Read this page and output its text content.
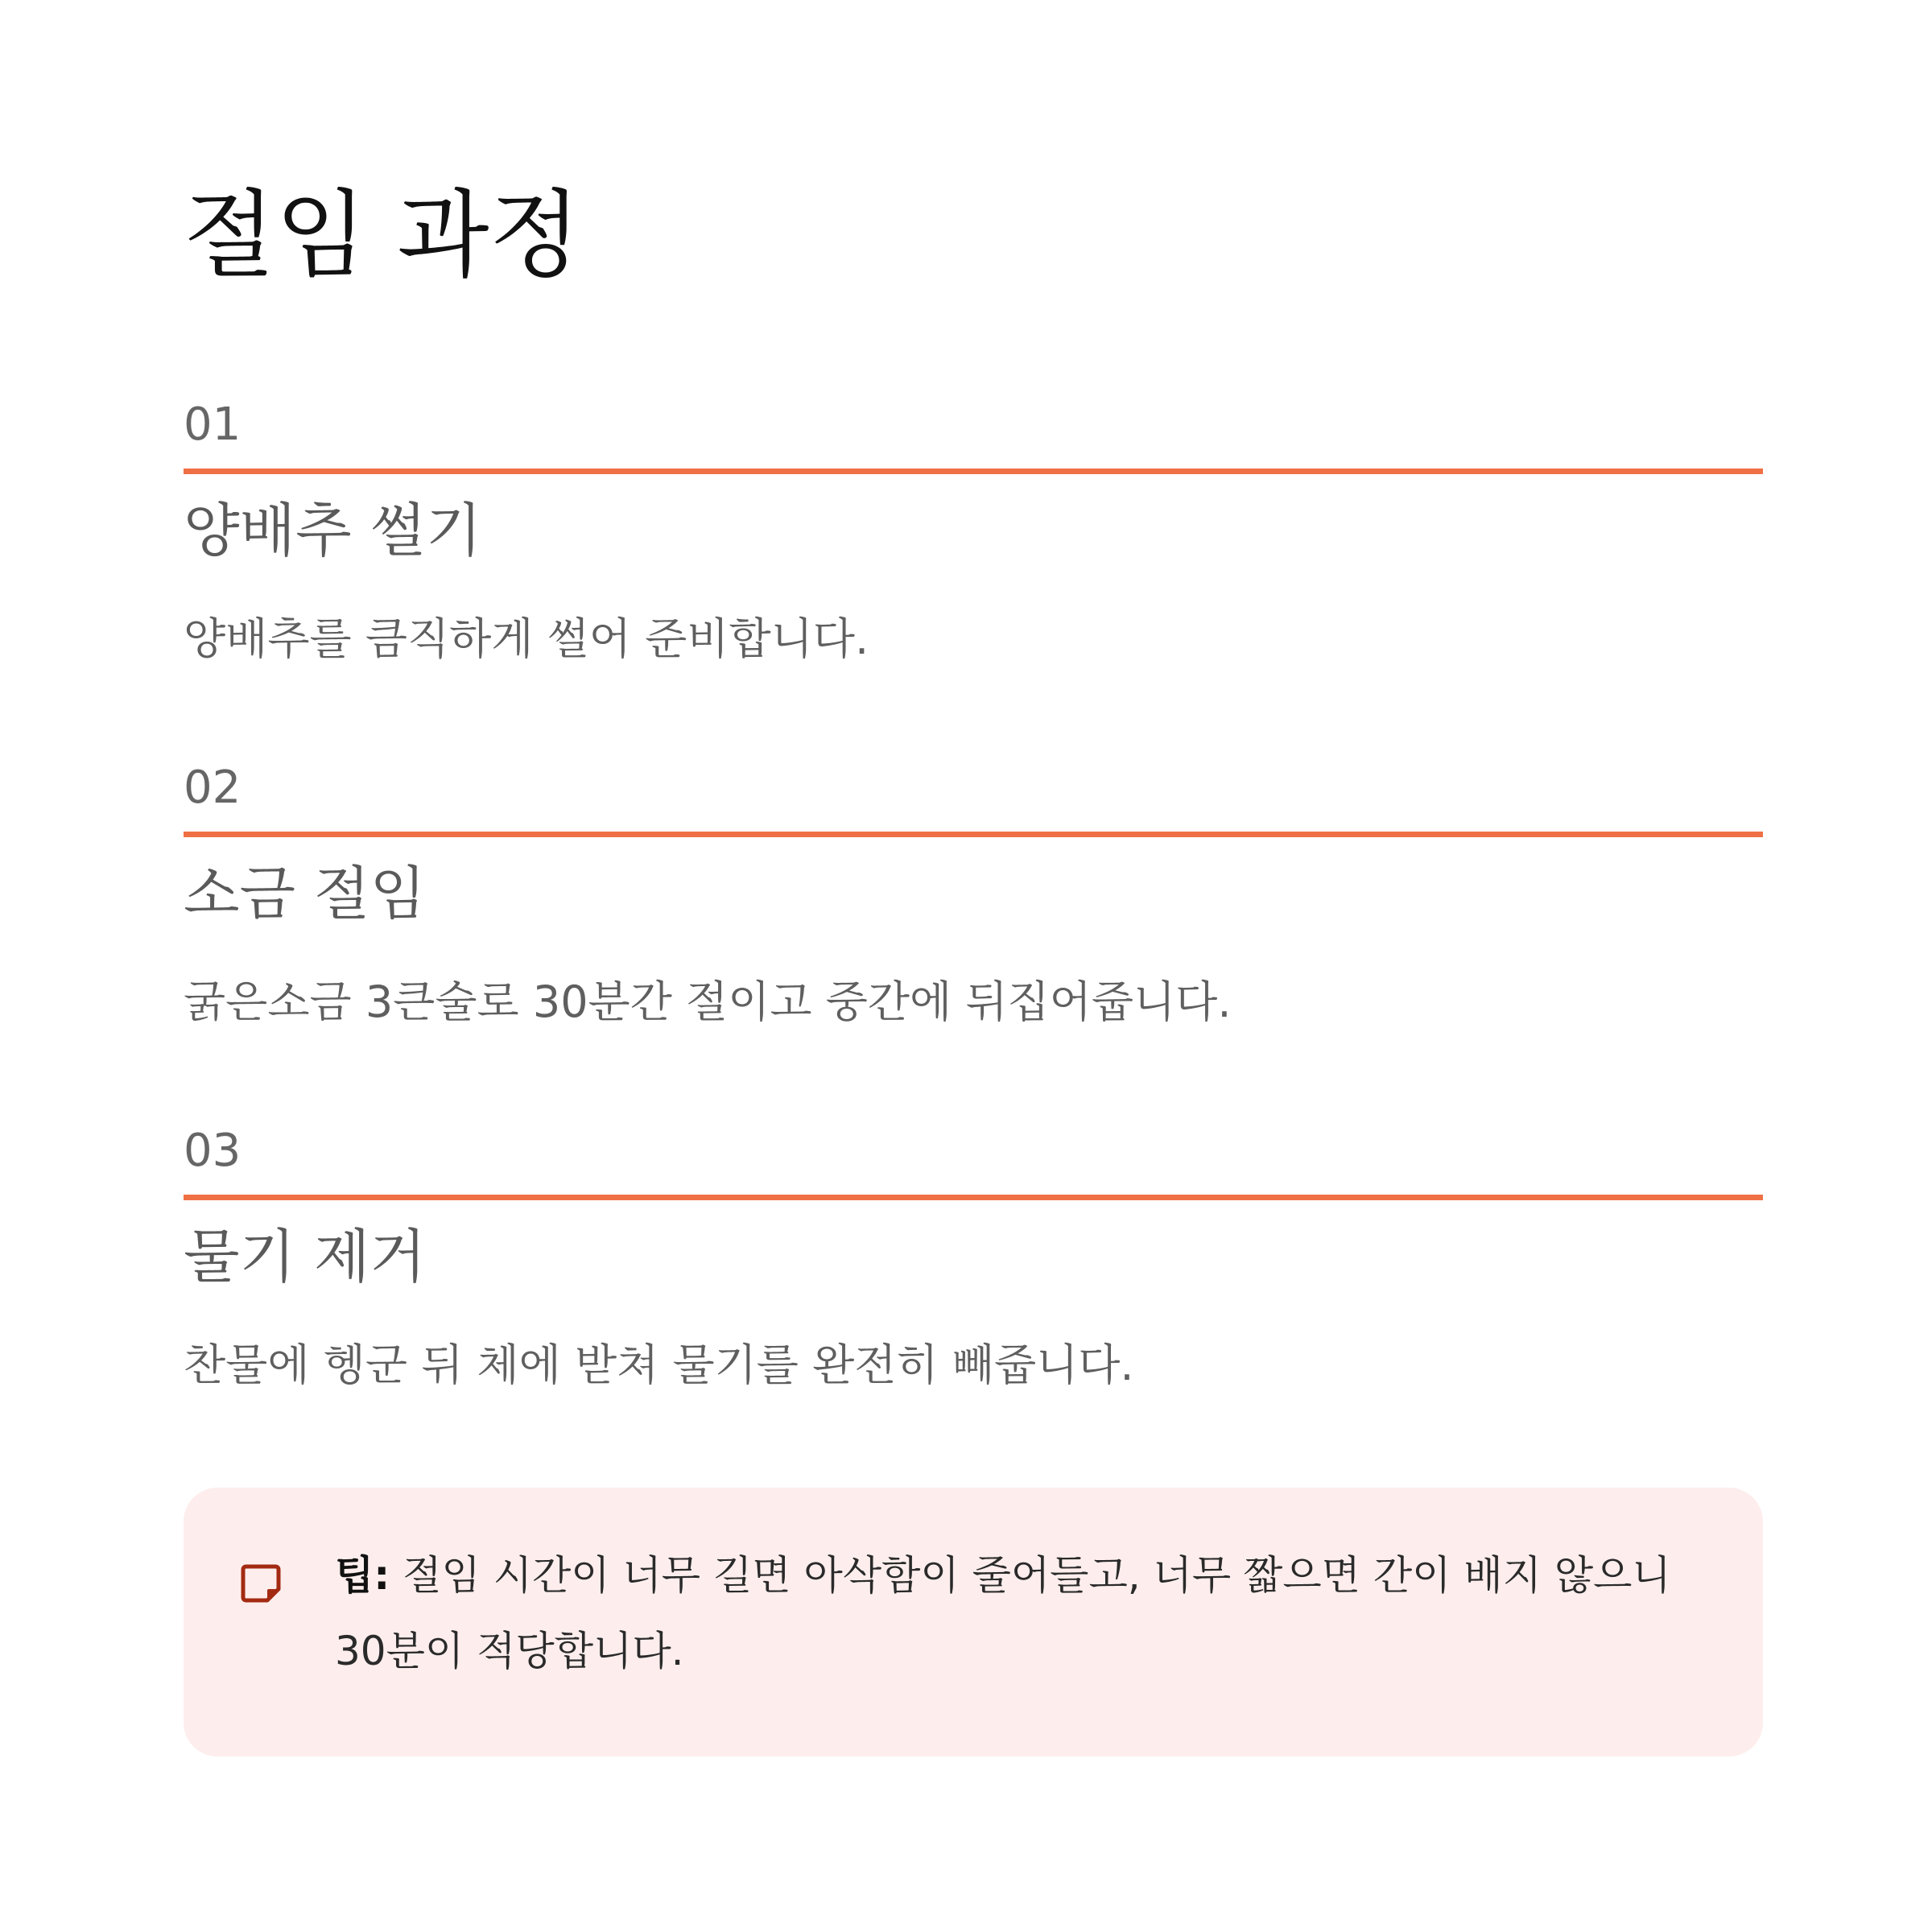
절임 과정
01
양배추 썰기

양배추를 큼직하게 썰어 준비합니다.

02
소금 절임

굵은소금 3큰술로 30분간 절이고 중간에 뒤집어줍니다.

03
물기 제거

찬물에 헹군 뒤 체에 받쳐 물기를 완전히 빼줍니다.

팁: 절임 시간이 너무 길면 아삭함이 줄어들고, 너무 짧으면 간이 배지 않으니 30분이 적당합니다.
